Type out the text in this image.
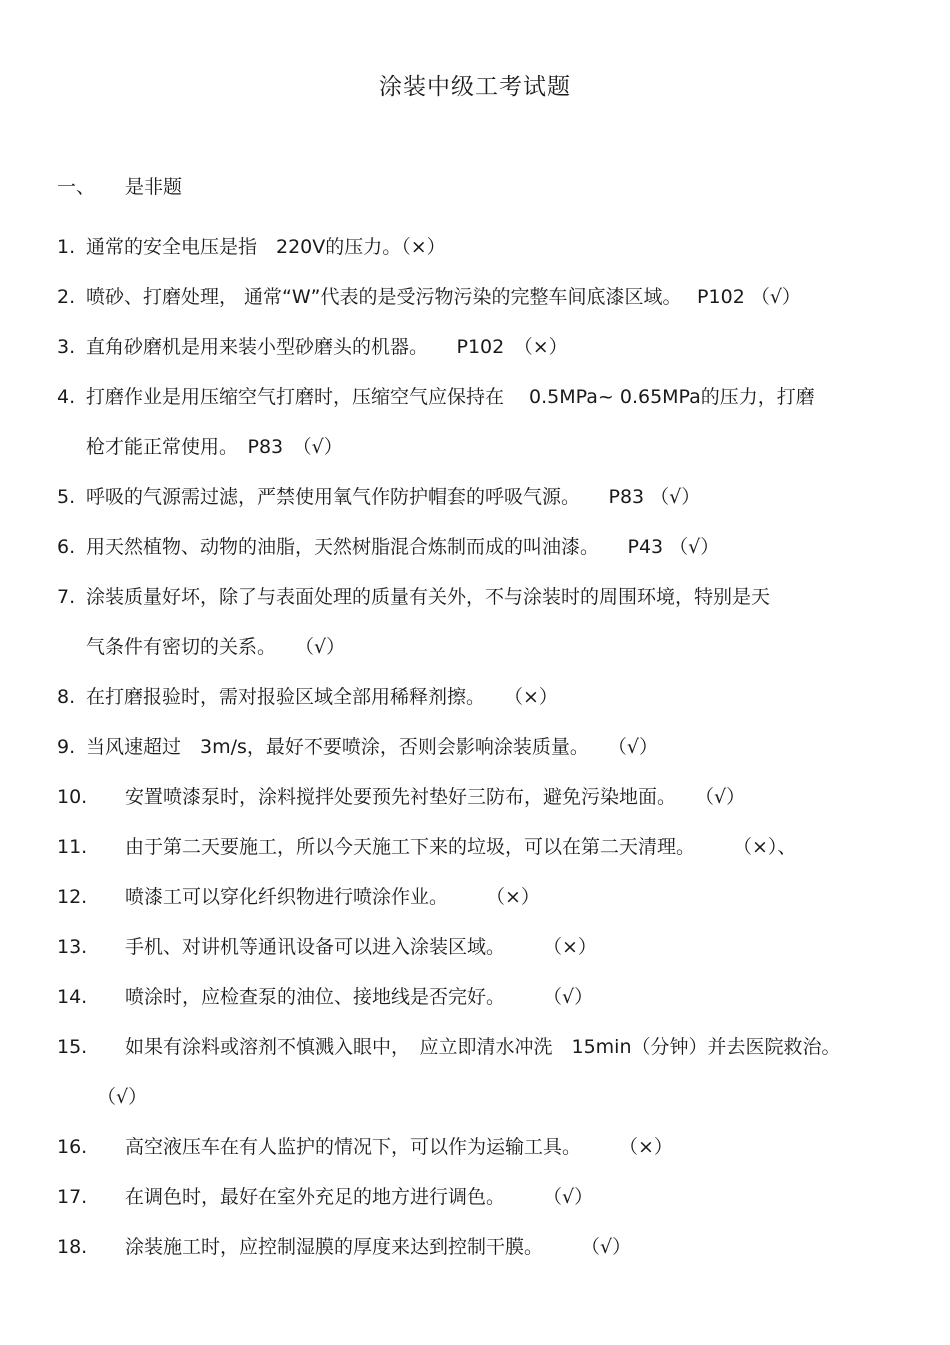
涂装中级工考试题
一、 是非题
1. 通常的安全电压是指　220V的压力。（×）
2. 喷砂、打磨处理， 通常“W”代表的是受污物污染的完整车间底漆区域。　 P102 （√）
3. 直角砂磨机是用来装小型砂磨头的机器。　　P102　（×）
4. 打磨作业是用压缩空气打磨时，压缩空气应保持在　 0.5MPa~ 0.65MPa的压力，打磨
枪才能正常使用。　P83　（√）
5. 呼吸的气源需过滤，严禁使用氧气作防护帽套的呼吸气源。　　P83 （√）
6. 用天然植物、动物的油脂，天然树脂混合炼制而成的叫油漆。　　P43 （√）
7. 涂装质量好坏，除了与表面处理的质量有关外，不与涂装时的周围环境，特别是天
气条件有密切的关系。　　（√）
8. 在打磨报验时，需对报验区域全部用稀释剂擦。　　（×）
9. 当风速超过　3m/s，最好不要喷涂，否则会影响涂装质量。　　（√）
10. 安置喷漆泵时，涂料搅拌处要预先衬垫好三防布，避免污染地面。　　（√）
11. 由于第二天要施工，所以今天施工下来的垃圾，可以在第二天清理。　　　（×）、
12. 喷漆工可以穿化纤织物进行喷涂作业。　　　（×）
13. 手机、对讲机等通讯设备可以进入涂装区域。　　　（×）
14. 喷涂时，应检查泵的油位、接地线是否完好。　　　（√）
15. 如果有涂料或溶剂不慎溅入眼中，　应立即清水冲洗　15min（分钟）并去医院救治。
（√）
16. 高空液压车在有人监护的情况下，可以作为运输工具。　　　（×）
17. 在调色时，最好在室外充足的地方进行调色。　　　（√）
18. 涂装施工时，应控制湿膜的厚度来达到控制干膜。　　　（√）
